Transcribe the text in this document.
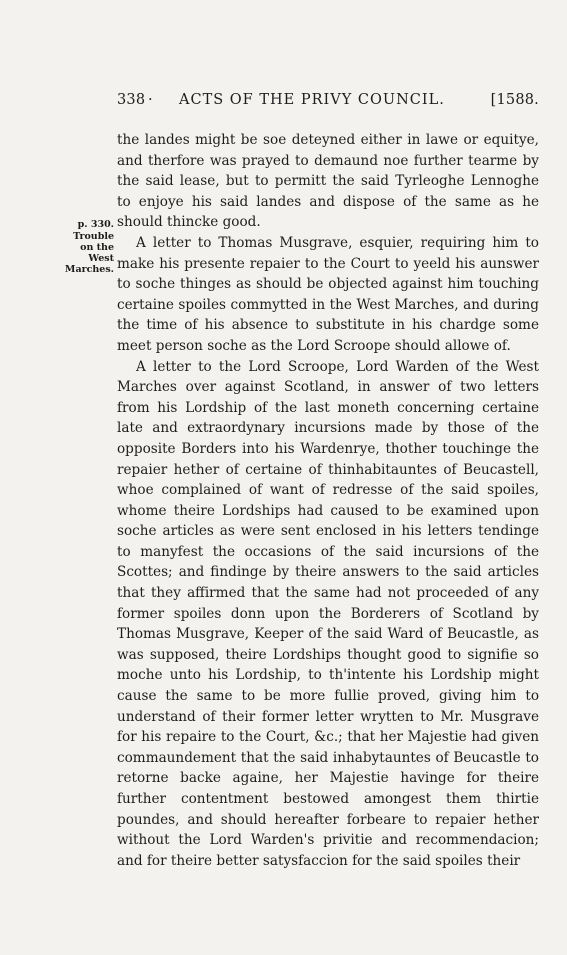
338 · ACTS OF THE PRIVY COUNCIL.	[1588.
p. 330.
Trouble on the West Marches.

the landes might be soe deteyned either in lawe or equitye, and therfore was prayed to demaund noe further tearme by the said lease, but to permitt the said Tyrleoghe Lennoghe to enjoye his said landes and dispose of the same as he should thincke good.

A letter to Thomas Musgrave, esquier, requiring him to make his presente repaier to the Court to yeeld his aunswer to soche thinges as should be objected against him touching certaine spoiles commytted in the West Marches, and during the time of his absence to substitute in his chardge some meet person soche as the Lord Scroope should allowe of.

A letter to the Lord Scroope, Lord Warden of the West Marches over against Scotland, in answer of two letters from his Lordship of the last moneth concerning certaine late and extraordynary incursions made by those of the opposite Borders into his Wardenrye, thother touchinge the repaier hether of certaine of thinhabitauntes of Beucastell, whoe complained of want of redresse of the said spoiles, whome theire Lordships had caused to be examined upon soche articles as were sent enclosed in his letters tendinge to manyfest the occasions of the said incursions of the Scottes; and findinge by theire answers to the said articles that they affirmed that the same had not proceeded of any former spoiles donn upon the Borderers of Scotland by Thomas Musgrave, Keeper of the said Ward of Beucastle, as was supposed, theire Lordships thought good to signifie so moche unto his Lordship, to th'intente his Lordship might cause the same to be more fullie proved, giving him to understand of their former letter wrytten to Mr. Musgrave for his repaire to the Court, &c.; that her Majestie had given commaundement that the said inhabytauntes of Beucastle to retorne backe againe, her Majestie havinge for theire further contentment bestowed amongest them thirtie poundes, and should hereafter forbeare to repaier hether without the Lord Warden's privitie and recommendacion; and for theire better satysfaccion for the said spoiles their
